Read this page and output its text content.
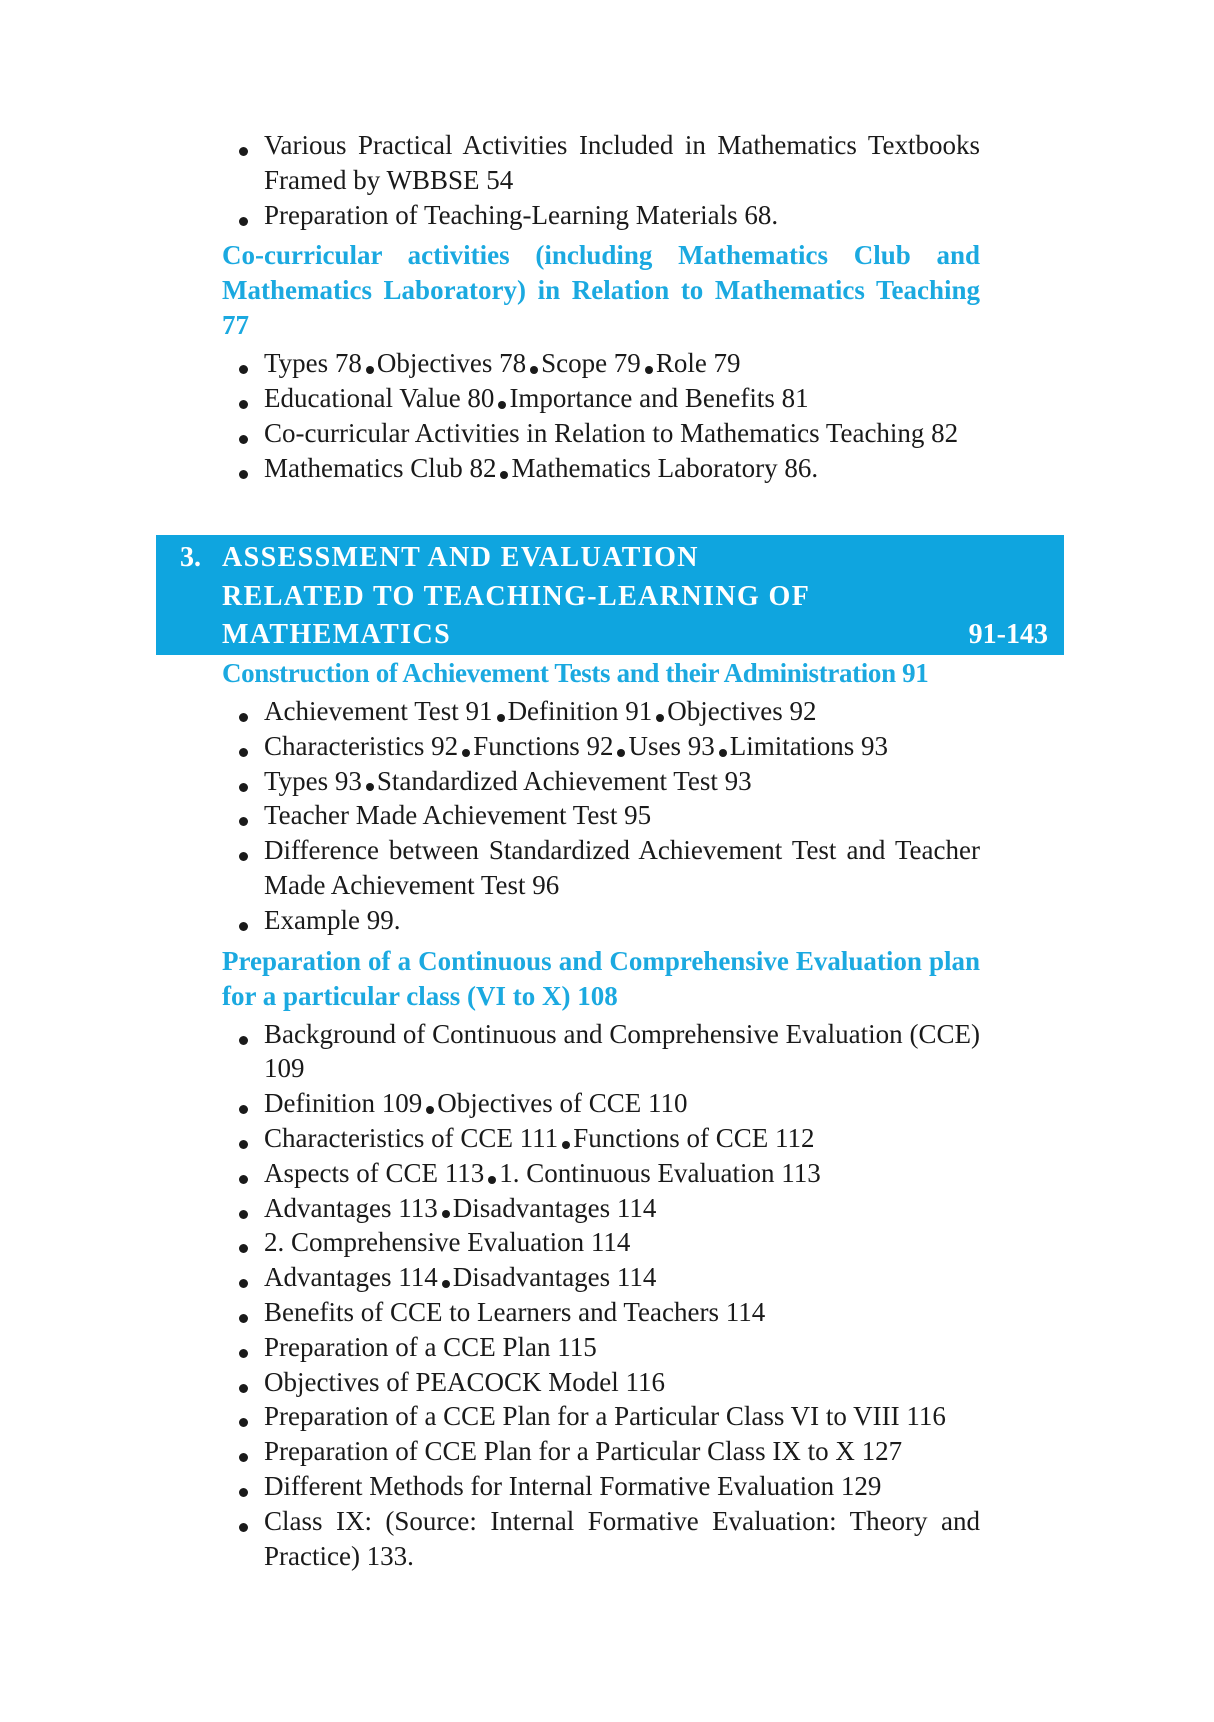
Various Practical Activities Included in Mathematics Textbooks Framed by WBBSE 54
Preparation of Teaching-Learning Materials 68.
Co-curricular activities (including Mathematics Club and Mathematics Laboratory) in Relation to Mathematics Teaching 77
Types 78 Objectives 78 Scope 79 Role 79
Educational Value 80 Importance and Benefits 81
Co-curricular Activities in Relation to Mathematics Teaching 82
Mathematics Club 82 Mathematics Laboratory 86.
3. ASSESSMENT AND EVALUATION RELATED TO TEACHING-LEARNING OF MATHEMATICS	91-143
Construction of Achievement Tests and their Administration 91
Achievement Test 91 Definition 91 Objectives 92
Characteristics 92 Functions 92 Uses 93 Limitations 93
Types 93 Standardized Achievement Test 93
Teacher Made Achievement Test 95
Difference between Standardized Achievement Test and Teacher Made Achievement Test 96
Example 99.
Preparation of a Continuous and Comprehensive Evaluation plan for a particular class (VI to X) 108
Background of Continuous and Comprehensive Evaluation (CCE) 109
Definition 109 Objectives of CCE 110
Characteristics of CCE 111 Functions of CCE 112
Aspects of CCE 113 1. Continuous Evaluation 113
Advantages 113 Disadvantages 114
2. Comprehensive Evaluation 114
Advantages 114 Disadvantages 114
Benefits of CCE to Learners and Teachers 114
Preparation of a CCE Plan 115
Objectives of PEACOCK Model 116
Preparation of a CCE Plan for a Particular Class VI to VIII 116
Preparation of CCE Plan for a Particular Class IX to X 127
Different Methods for Internal Formative Evaluation 129
Class IX: (Source: Internal Formative Evaluation: Theory and Practice) 133.
